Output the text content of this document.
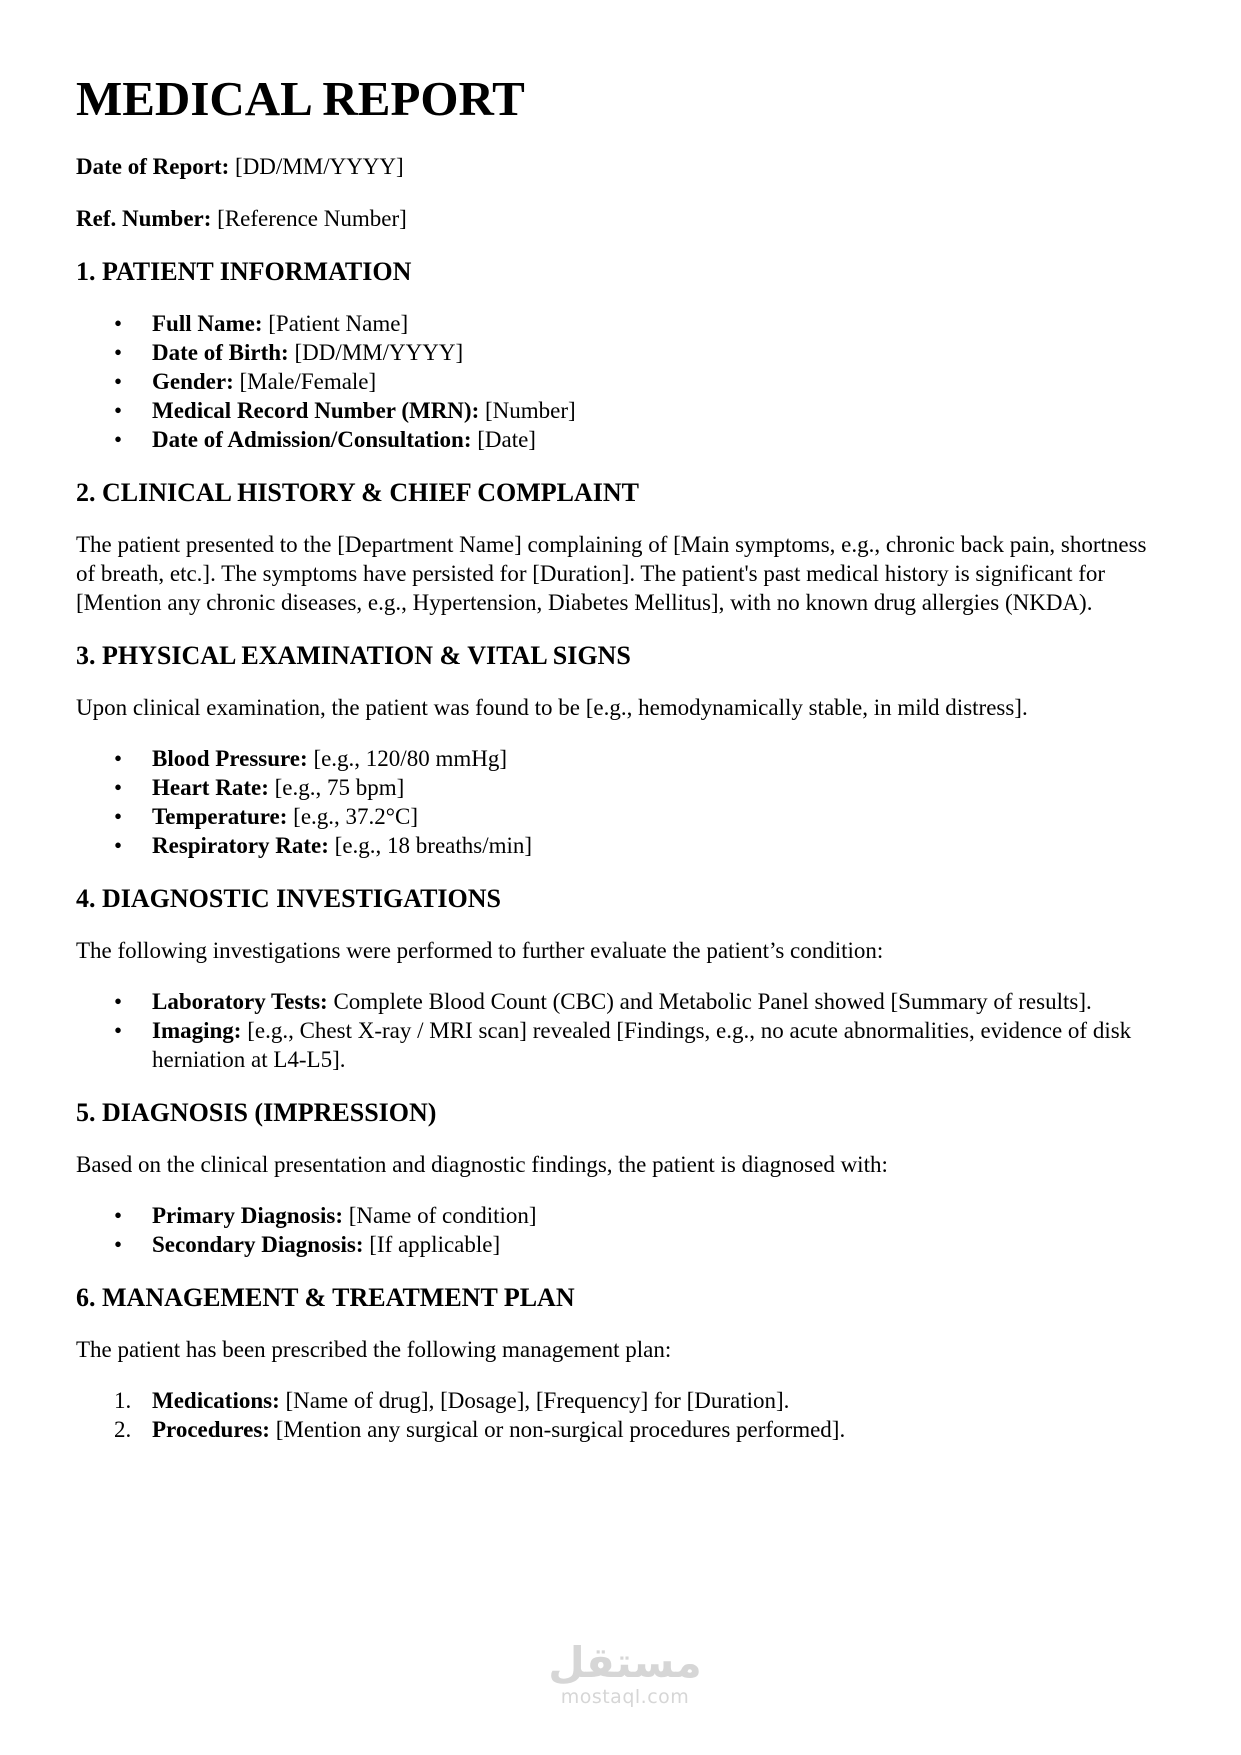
MEDICAL REPORT

Date of Report: [DD/MM/YYYY]

Ref. Number: [Reference Number]

1. PATIENT INFORMATION
• Full Name: [Patient Name]
• Date of Birth: [DD/MM/YYYY]
• Gender: [Male/Female]
• Medical Record Number (MRN): [Number]
• Date of Admission/Consultation: [Date]
2. CLINICAL HISTORY & CHIEF COMPLAINT

The patient presented to the [Department Name] complaining of [Main symptoms, e.g., chronic back pain, shortness of breath, etc.]. The symptoms have persisted for [Duration]. The patient's past medical history is significant for [Mention any chronic diseases, e.g., Hypertension, Diabetes Mellitus], with no known drug allergies (NKDA).

3. PHYSICAL EXAMINATION & VITAL SIGNS

Upon clinical examination, the patient was found to be [e.g., hemodynamically stable, in mild distress].

• Blood Pressure: [e.g., 120/80 mmHg]
• Heart Rate: [e.g., 75 bpm]
• Temperature: [e.g., 37.2°C]
• Respiratory Rate: [e.g., 18 breaths/min]
4. DIAGNOSTIC INVESTIGATIONS

The following investigations were performed to further evaluate the patient’s condition:

• Laboratory Tests: Complete Blood Count (CBC) and Metabolic Panel showed [Summary of results].
• Imaging: [e.g., Chest X-ray / MRI scan] revealed [Findings, e.g., no acute abnormalities, evidence of disk herniation at L4-L5].
5. DIAGNOSIS (IMPRESSION)

Based on the clinical presentation and diagnostic findings, the patient is diagnosed with:

• Primary Diagnosis: [Name of condition]
• Secondary Diagnosis: [If applicable]
6. MANAGEMENT & TREATMENT PLAN

The patient has been prescribed the following management plan:

1. Medications: [Name of drug], [Dosage], [Frequency] for [Duration].
2. Procedures: [Mention any surgical or non-surgical procedures performed].
مستقل
mostaql.com
